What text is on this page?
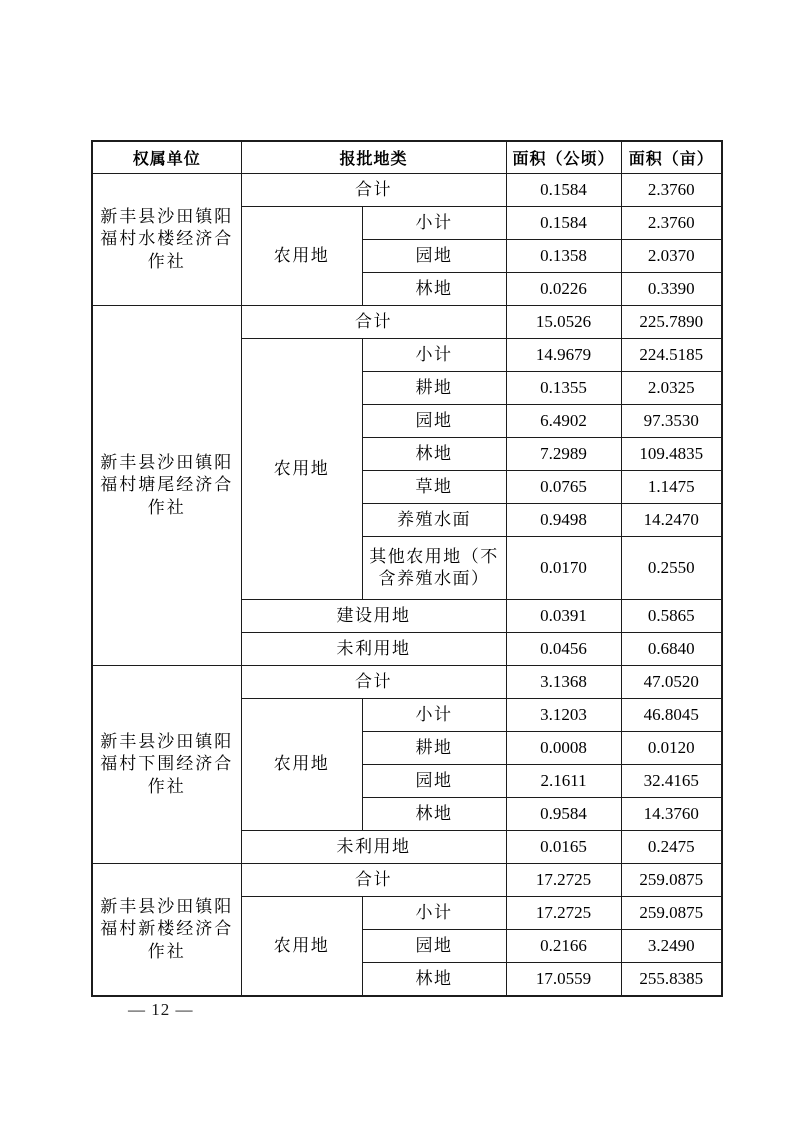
权属单位	报批地类		面积（公顷）	面积（亩）
新丰县沙田镇阳福村水楼经济合作社	合计		0.1584	2.3760
	农用地	小计	0.1584	2.3760
		园地	0.1358	2.0370
		林地	0.0226	0.3390
新丰县沙田镇阳福村塘尾经济合作社	合计		15.0526	225.7890
	农用地	小计	14.9679	224.5185
		耕地	0.1355	2.0325
		园地	6.4902	97.3530
		林地	7.2989	109.4835
		草地	0.0765	1.1475
		养殖水面	0.9498	14.2470
		其他农用地（不含养殖水面）	0.0170	0.2550
	建设用地		0.0391	0.5865
	未利用地		0.0456	0.6840
新丰县沙田镇阳福村下围经济合作社	合计		3.1368	47.0520
	农用地	小计	3.1203	46.8045
		耕地	0.0008	0.0120
		园地	2.1611	32.4165
		林地	0.9584	14.3760
	未利用地		0.0165	0.2475
新丰县沙田镇阳福村新楼经济合作社	合计		17.2725	259.0875
	农用地	小计	17.2725	259.0875
		园地	0.2166	3.2490
		林地	17.0559	255.8385
— 12 —
